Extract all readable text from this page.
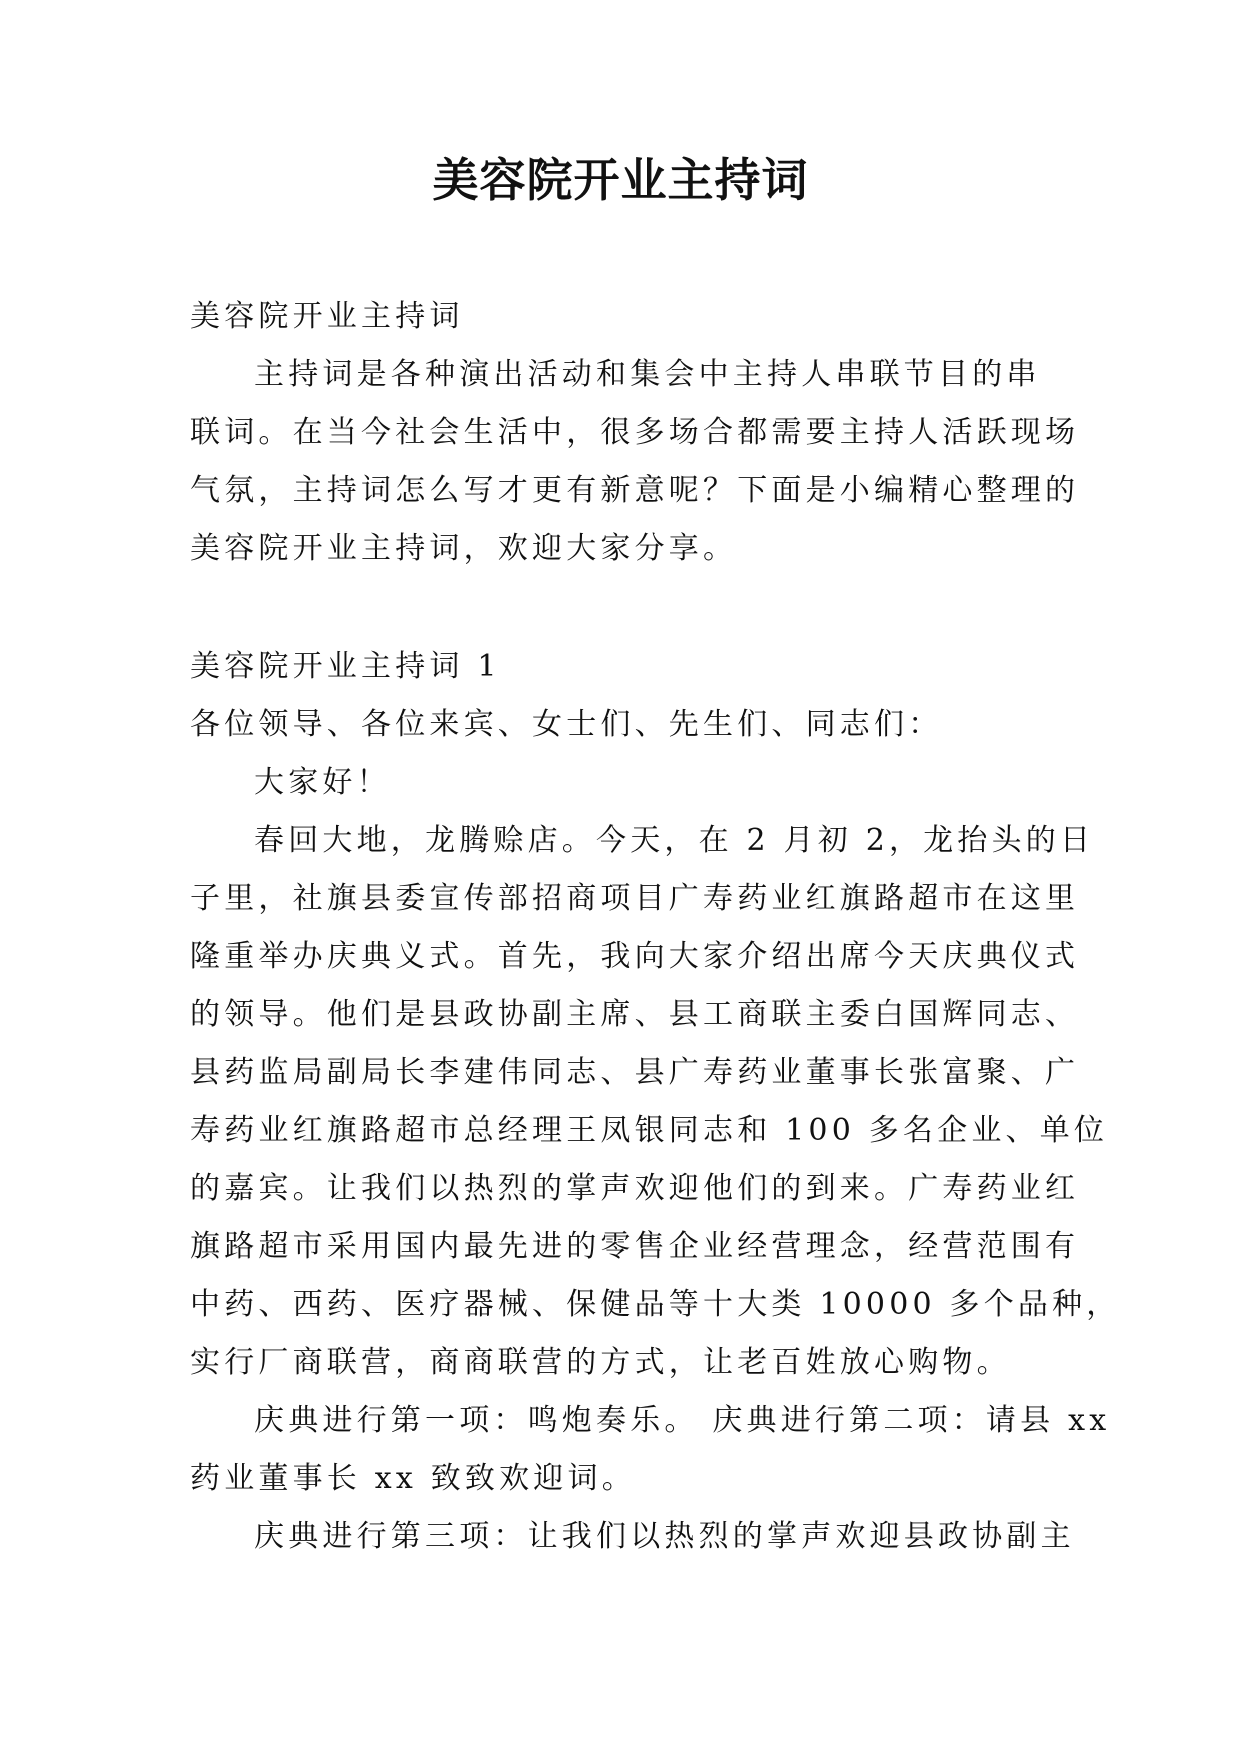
美容院开业主持词
美容院开业主持词
主持词是各种演出活动和集会中主持人串联节目的串
联词。在当今社会生活中，很多场合都需要主持人活跃现场
气氛，主持词怎么写才更有新意呢？下面是小编精心整理的
美容院开业主持词，欢迎大家分享。
美容院开业主持词 1
各位领导、各位来宾、女士们、先生们、同志们：
大家好！
春回大地，龙腾赊店。今天，在 2 月初 2，龙抬头的日
子里，社旗县委宣传部招商项目广寿药业红旗路超市在这里
隆重举办庆典义式。首先，我向大家介绍出席今天庆典仪式
的领导。他们是县政协副主席、县工商联主委白国辉同志、
县药监局副局长李建伟同志、县广寿药业董事长张富聚、广
寿药业红旗路超市总经理王凤银同志和 100 多名企业、单位
的嘉宾。让我们以热烈的掌声欢迎他们的到来。广寿药业红
旗路超市采用国内最先进的零售企业经营理念，经营范围有
中药、西药、医疗器械、保健品等十大类 10000 多个品种，
实行厂商联营，商商联营的方式，让老百姓放心购物。
庆典进行第一项：鸣炮奏乐。 庆典进行第二项：请县 xx
药业董事长 xx 致致欢迎词。
庆典进行第三项：让我们以热烈的掌声欢迎县政协副主
